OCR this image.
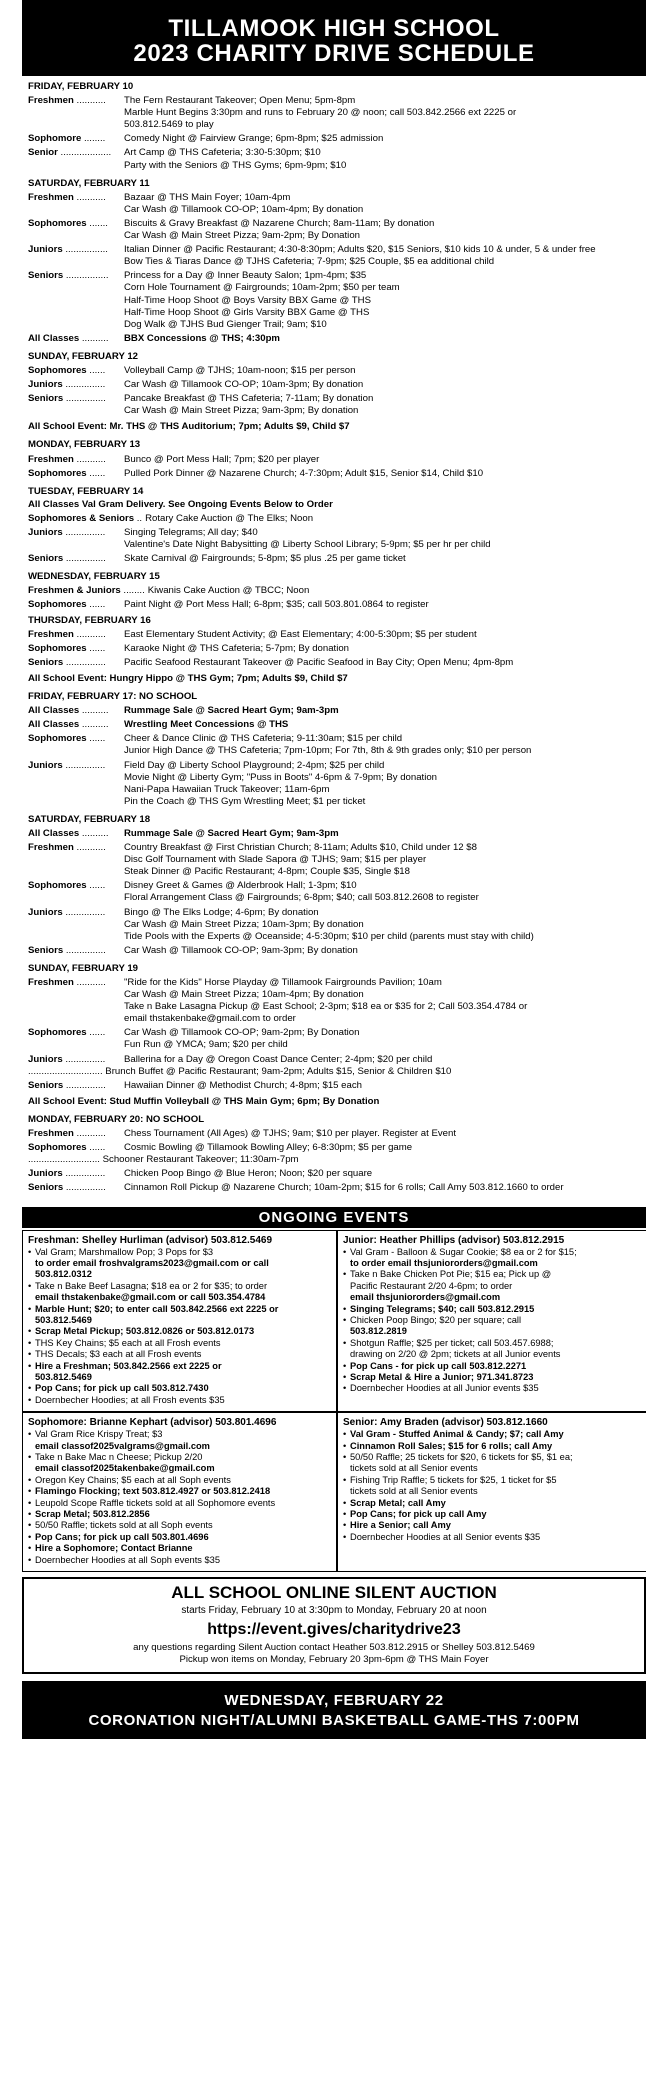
TILLAMOOK HIGH SCHOOL
2023 CHARITY DRIVE SCHEDULE
FRIDAY, FEBRUARY 10
Freshmen ...........	The Fern Restaurant Takeover; Open Menu; 5pm-8pm
Marble Hunt Begins 3:30pm and runs to February 20 @ noon; call 503.842.2566 ext 2225 or
503.812.5469 to play
Sophomore ........	Comedy Night @ Fairview Grange; 6pm-8pm; $25 admission
Senior ...................	Art Camp @ THS Cafeteria; 3:30-5:30pm; $10
Party with the Seniors @ THS Gyms; 6pm-9pm; $10
SATURDAY, FEBRUARY 11
Freshmen ...........	Bazaar @ THS Main Foyer; 10am-4pm
Car Wash @ Tillamook CO-OP; 10am-4pm; By donation
Sophomores .......	Biscuits & Gravy Breakfast @ Nazarene Church; 8am-11am; By donation
Car Wash @ Main Street Pizza; 9am-2pm; By Donation
Juniors ................	Italian Dinner @ Pacific Restaurant; 4:30-8:30pm; Adults $20, $15 Seniors, $10 kids 10 & under, 5 & under free
Bow Ties & Tiaras Dance @ TJHS Cafeteria; 7-9pm; $25 Couple, $5 ea additional child
Seniors ................	Princess for a Day @ Inner Beauty Salon; 1pm-4pm; $35
Corn Hole Tournament @ Fairgrounds; 10am-2pm; $50 per team
Half-Time Hoop Shoot @ Boys Varsity BBX Game @ THS
Half-Time Hoop Shoot @ Girls Varsity BBX Game @ THS
Dog Walk @ TJHS Bud Gienger Trail; 9am; $10
All Classes ..........	BBX Concessions @ THS; 4:30pm
SUNDAY, FEBRUARY 12
Sophomores ......	Volleyball Camp @ TJHS; 10am-noon; $15 per person
Juniors ...............	Car Wash @ Tillamook CO-OP; 10am-3pm; By donation
Seniors ...............	Pancake Breakfast @ THS Cafeteria; 7-11am; By donation
Car Wash @ Main Street Pizza; 9am-3pm; By donation
All School Event: Mr. THS @ THS Auditorium; 7pm; Adults $9, Child $7
MONDAY, FEBRUARY 13
Freshmen ...........	Bunco @ Port Mess Hall; 7pm; $20 per player
Sophomores ......	Pulled Pork Dinner @ Nazarene Church; 4-7:30pm; Adult $15, Senior $14, Child $10
TUESDAY, FEBRUARY 14
All Classes Val Gram Delivery. See Ongoing Events Below to Order
Sophomores & Seniors .. Rotary Cake Auction @ The Elks; Noon
Juniors ...............	Singing Telegrams; All day; $40
Valentine's Date Night Babysitting @ Liberty School Library; 5-9pm; $5 per hr per child
Seniors ...............	Skate Carnival @ Fairgrounds; 5-8pm; $5 plus .25 per game ticket
WEDNESDAY, FEBRUARY 15
Freshmen & Juniors ........ Kiwanis Cake Auction @ TBCC; Noon
Sophomores ......	Paint Night @ Port Mess Hall; 6-8pm; $35; call 503.801.0864 to register
THURSDAY, FEBRUARY 16
Freshmen ...........	East Elementary Student Activity; @ East Elementary; 4:00-5:30pm; $5 per student
Sophomores ......	Karaoke Night @ THS Cafeteria; 5-7pm; By donation
Seniors ...............	Pacific Seafood Restaurant Takeover @ Pacific Seafood in Bay City; Open Menu; 4pm-8pm
All School Event: Hungry Hippo @ THS Gym; 7pm; Adults $9, Child $7
FRIDAY, FEBRUARY 17: NO SCHOOL
All Classes ..........	Rummage Sale @ Sacred Heart Gym; 9am-3pm
All Classes ..........	Wrestling Meet Concessions @ THS
Sophomores ......	Cheer & Dance Clinic @ THS Cafeteria; 9-11:30am; $15 per child
Junior High Dance @ THS Cafeteria; 7pm-10pm; For 7th, 8th & 9th grades only; $10 per person
Juniors ...............	Field Day @ Liberty School Playground; 2-4pm; $25 per child
Movie Night @ Liberty Gym; "Puss in Boots" 4-6pm & 7-9pm; By donation
Nani-Papa Hawaiian Truck Takeover; 11am-6pm
Pin the Coach @ THS Gym Wrestling Meet; $1 per ticket
SATURDAY, FEBRUARY 18
All Classes ..........	Rummage Sale @ Sacred Heart Gym; 9am-3pm
Freshmen ...........	Country Breakfast @ First Christian Church; 8-11am; Adults $10, Child under 12 $8
Disc Golf Tournament with Slade Sapora @ TJHS; 9am; $15 per player
Steak Dinner @ Pacific Restaurant; 4-8pm; Couple $35, Single $18
Sophomores ......	Disney Greet & Games @ Alderbrook Hall; 1-3pm; $10
Floral Arrangement Class @ Fairgrounds; 6-8pm; $40; call 503.812.2608 to register
Juniors ...............	Bingo @ The Elks Lodge; 4-6pm; By donation
Car Wash @ Main Street Pizza; 10am-3pm; By donation
Tide Pools with the Experts @ Oceanside; 4-5:30pm; $10 per child (parents must stay with child)
Seniors ...............	Car Wash @ Tillamook CO-OP; 9am-3pm; By donation
SUNDAY, FEBRUARY 19
Freshmen ...........	"Ride for the Kids" Horse Playday @ Tillamook Fairgrounds Pavilion; 10am
Car Wash @ Main Street Pizza; 10am-4pm; By donation
Take n Bake Lasagna Pickup @ East School; 2-3pm; $18 ea or $35 for 2; Call 503.354.4784 or
email thstakenbake@gmail.com to order
Sophomores ......	Car Wash @ Tillamook CO-OP; 9am-2pm; By Donation
Fun Run @ YMCA; 9am; $20 per child
Juniors ...............	Ballerina for a Day @ Oregon Coast Dance Center; 2-4pm; $20 per child
............................ Brunch Buffet @ Pacific Restaurant; 9am-2pm; Adults $15, Senior & Children $10
Seniors ...............	Hawaiian Dinner @ Methodist Church; 4-8pm; $15 each
All School Event: Stud Muffin Volleyball @ THS Main Gym; 6pm; By Donation
MONDAY, FEBRUARY 20: NO SCHOOL
Freshmen ...........	Chess Tournament (All Ages) @ TJHS; 9am; $10 per player. Register at Event
Sophomores ......	Cosmic Bowling @ Tillamook Bowling Alley; 6-8:30pm; $5 per game
........................... Schooner Restaurant Takeover; 11:30am-7pm
Juniors ...............	Chicken Poop Bingo @ Blue Heron; Noon; $20 per square
Seniors ...............	Cinnamon Roll Pickup @ Nazarene Church; 10am-2pm; $15 for 6 rolls; Call Amy 503.812.1660 to order
ONGOING EVENTS
Freshman: Shelley Hurliman (advisor) 503.812.5469
• Val Gram; Marshmallow Pop; 3 Pops for $3
to order email froshvalgrams2023@gmail.com or call
503.812.0312
• Take n Bake Beef Lasagna; $18 ea or 2 for $35; to order
email thstakenbake@gmail.com or call 503.354.4784
• Marble Hunt; $20; to enter call 503.842.2566 ext 2225 or
503.812.5469
• Scrap Metal Pickup; 503.812.0826 or 503.812.0173
• THS Key Chains; $5 each at all Frosh events
• THS Decals; $3 each at all Frosh events
• Hire a Freshman; 503.842.2566 ext 2225 or
503.812.5469
• Pop Cans; for pick up call 503.812.7430
• Doernbecher Hoodies; at all Frosh events $35
Junior: Heather Phillips (advisor) 503.812.2915
• Val Gram - Balloon & Sugar Cookie; $8 ea or 2 for $15;
to order email thsjuniororders@gmail.com
• Take n Bake Chicken Pot Pie; $15 ea; Pick up @
Pacific Restaurant 2/20 4-6pm; to order
email thsjuniororders@gmail.com
• Singing Telegrams; $40; call 503.812.2915
• Chicken Poop Bingo; $20 per square; call
503.812.2819
• Shotgun Raffle; $25 per ticket; call 503.457.6988;
drawing on 2/20 @ 2pm; tickets at all Junior events
• Pop Cans - for pick up call 503.812.2271
• Scrap Metal & Hire a Junior; 971.341.8723
• Doernbecher Hoodies at all Junior events $35
Sophomore: Brianne Kephart (advisor) 503.801.4696
• Val Gram Rice Krispy Treat; $3
email classof2025valgrams@gmail.com
• Take n Bake Mac n Cheese; Pickup 2/20
email classof2025takenbake@gmail.com
• Oregon Key Chains; $5 each at all Soph events
• Flamingo Flocking; text 503.812.4927 or 503.812.2418
• Leupold Scope Raffle tickets sold at all Sophomore events
• Scrap Metal; 503.812.2856
• 50/50 Raffle; tickets sold at all Soph events
• Pop Cans; for pick up call 503.801.4696
• Hire a Sophomore; Contact Brianne
• Doernbecher Hoodies at all Soph events $35
Senior: Amy Braden (advisor) 503.812.1660
• Val Gram - Stuffed Animal & Candy; $7; call Amy
• Cinnamon Roll Sales; $15 for 6 rolls; call Amy
• 50/50 Raffle; 25 tickets for $20, 6 tickets for $5, $1 ea;
tickets sold at all Senior events
• Fishing Trip Raffle; 5 tickets for $25, 1 ticket for $5
tickets sold at all Senior events
• Scrap Metal; call Amy
• Pop Cans; for pick up call Amy
• Hire a Senior; call Amy
• Doernbecher Hoodies at all Senior events $35
ALL SCHOOL ONLINE SILENT AUCTION
starts Friday, February 10 at 3:30pm to Monday, February 20 at noon
https://event.gives/charitydrive23
any questions regarding Silent Auction contact Heather 503.812.2915 or Shelley 503.812.5469
Pickup won items on Monday, February 20 3pm-6pm @ THS Main Foyer
WEDNESDAY, FEBRUARY 22
CORONATION NIGHT/ALUMNI BASKETBALL GAME-THS 7:00PM
